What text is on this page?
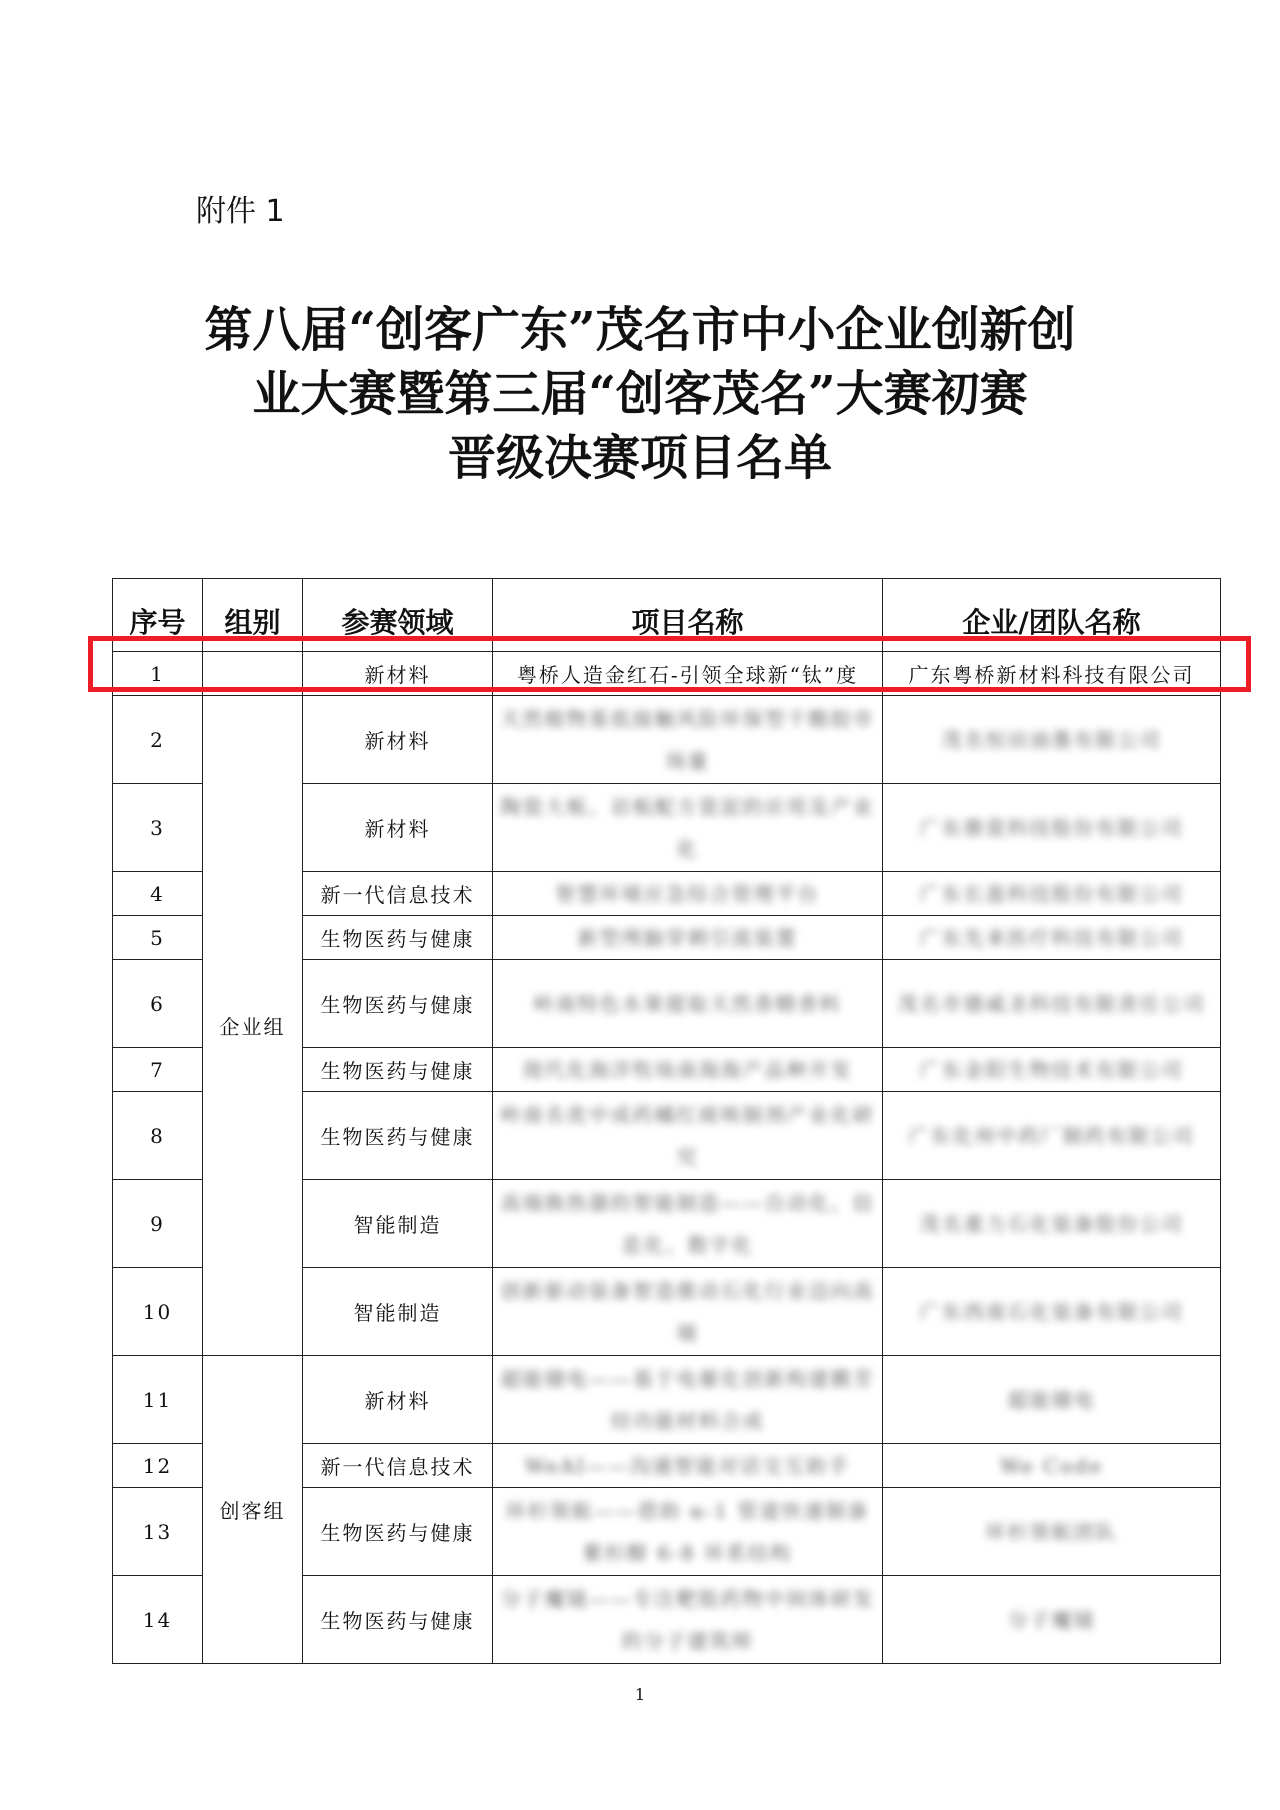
附件 1
第八届“创客广东”茂名市中小企业创新创
业大赛暨第三届“创客茂名”大赛初赛
晋级决赛项目名单
序号	组别	参赛领域	项目名称	企业/团队名称
1		新材料	粤桥人造金红石-引领全球新“钛”度	广东粤桥新材料科技有限公司
2	企业组	新材料	天然植物基低接触风险环保型干酪胶市场量	茂名恒田油墨有限公司
3		新材料	陶瓷大板、岩板配方瓷泥的应用及产业化	广东鼎瓷科技股份有限公司
4		新一代信息技术	智慧环境应急综合管理平台	广东长盈科技股份有限公司
5		生物医药与健康	新型颅脑穿刺引流装置	广东先来医疗科技有限公司
6		生物医药与健康	岭南特色水果提取天然香精香料	茂名市德威圣科技有限责任公司
7		生物医药与健康	现代化海洋牧场南海海产品种开发	广东金阳生物技术有限公司
8		生物医药与健康	岭南名优中成药橘红痰咳制剂产业化研究	广东化州中药厂制药有限公司
9		智能制造	高端换热器的智能制造——自动化、信息化、数字化	茂名重力石化装备股份公司
10		智能制造	创新驱动装备智造推动石化行业迈向高端	广东西南石化装备有限公司
11	创客组	新材料	超能储电——基于电催化创新构建膜芳烃功能材料合成	超能储电
12		新一代信息技术	WeAI——沟通智能对话交互助手	We Code
13		生物医药与健康	环杉领航——借助 α-1 管道快速制备紫杉醇 6-8 环系结构	环杉领航团队
14		生物医药与健康	分子魔镜——专注靶股药物中间体研发的分子建筑师	分子魔镜
1
